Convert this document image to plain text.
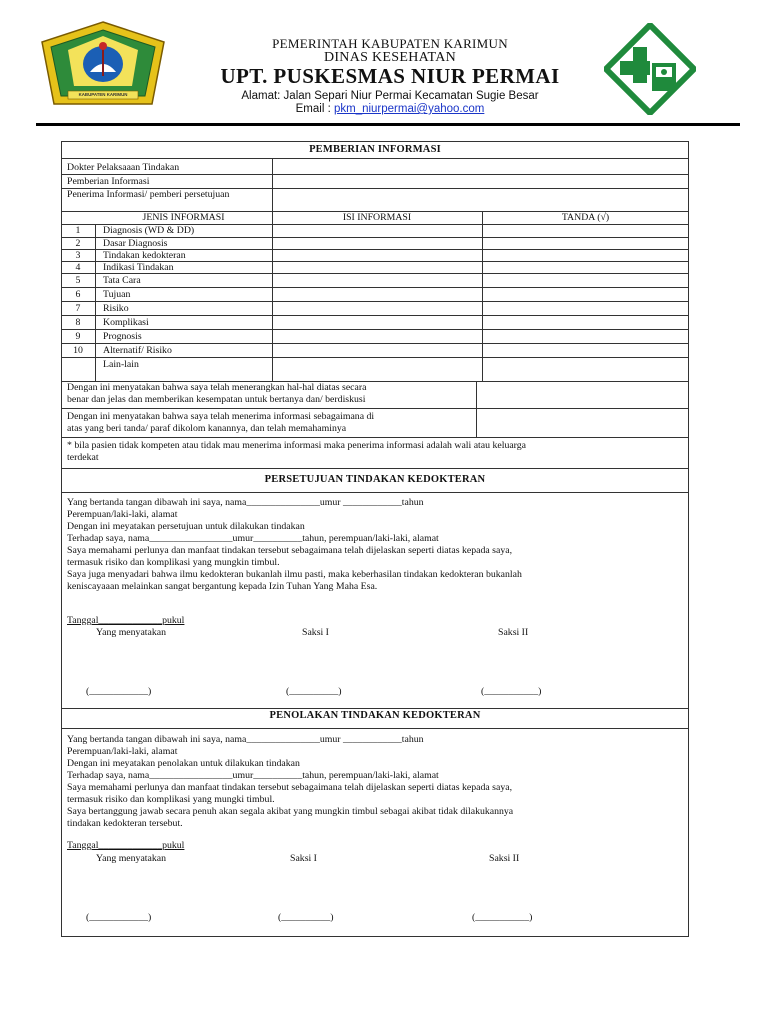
KABUPATEN KARIMUN
PEMERINTAH KABUPATEN KARIMUN
DINAS KESEHATAN
UPT. PUSKESMAS NIUR PERMAI
Alamat: Jalan Separi Niur Permai Kecamatan Sugie Besar
Email : pkm_niurpermai@yahoo.com
PEMBERIAN INFORMASI
Dokter Pelaksaaan Tindakan
Pemberian Informasi
Penerima Informasi/ pemberi persetujuan
JENIS INFORMASI	ISI INFORMASI	TANDA (√)
1	Diagnosis (WD & DD)
2	Dasar Diagnosis
3	Tindakan kedokteran
4	Indikasi Tindakan
5	Tata Cara
6	Tujuan
7	Risiko
8	Komplikasi
9	Prognosis
10	Alternatif/ Risiko
Lain-lain
Dengan ini menyatakan bahwa saya telah menerangkan hal-hal diatas secara
benar dan jelas dan memberikan kesempatan untuk bertanya dan/ berdiskusi
Dengan ini menyatakan bahwa saya telah menerima informasi sebagaimana di
atas yang beri tanda/ paraf dikolom kanannya, dan telah memahaminya
* bila pasien tidak kompeten atau tidak mau menerima informasi maka penerima informasi adalah wali atau keluarga
terdekat
PERSETUJUAN TINDAKAN KEDOKTERAN
Yang bertanda tangan dibawah ini saya, nama_______________umur ____________tahun
Perempuan/laki-laki, alamat
Dengan ini meyatakan persetujuan untuk dilakukan tindakan
Terhadap saya, nama_________________umur__________tahun, perempuan/laki-laki, alamat
Saya memahami perlunya dan manfaat tindakan tersebut sebagaimana telah dijelaskan seperti diatas kepada saya,
termasuk risiko dan komplikasi yang mungkin timbul.
Saya juga menyadari bahwa ilmu kedokteran bukanlah ilmu pasti, maka keberhasilan tindakan kedokteran bukanlah
keniscayaaan melainkan sangat bergantung kepada Izin Tuhan Yang Maha Esa.
Tanggal_____________pukul
Yang menyatakan	Saksi I	Saksi II
(____________)	(__________)	(___________)
PENOLAKAN TINDAKAN KEDOKTERAN
Yang bertanda tangan dibawah ini saya, nama_______________umur ____________tahun
Perempuan/laki-laki, alamat
Dengan ini meyatakan penolakan untuk dilakukan tindakan
Terhadap saya, nama_________________umur__________tahun, perempuan/laki-laki, alamat
Saya memahami perlunya dan manfaat tindakan tersebut sebagaimana telah dijelaskan seperti diatas kepada saya,
termasuk risiko dan komplikasi yang mungki timbul.
Saya bertanggung jawab secara penuh akan segala akibat yang mungkin timbul sebagai akibat tidak dilakukannya
tindakan kedokteran tersebut.
Tanggal_____________pukul
Yang menyatakan	Saksi I	Saksi II
(____________)	(__________)	(___________)
